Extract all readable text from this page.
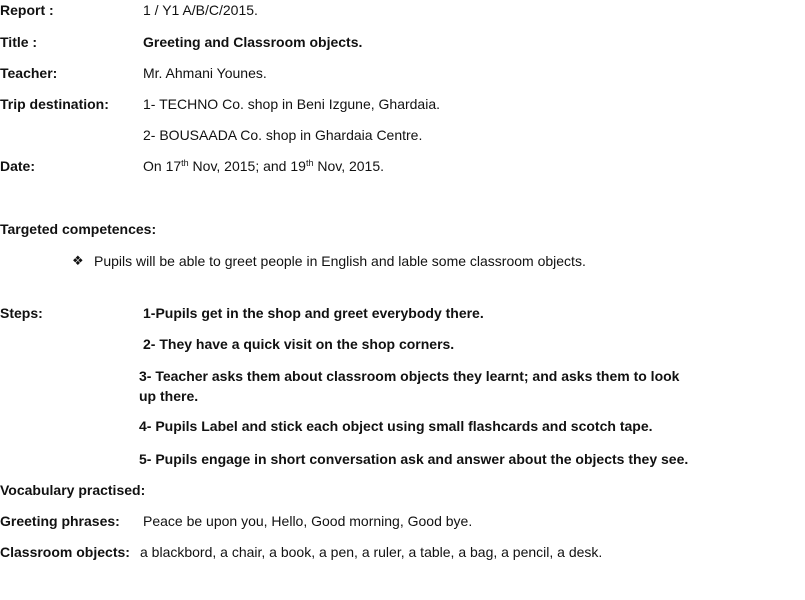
Report :	1 / Y1 A/B/C/2015.
Title :	Greeting and Classroom objects.
Teacher:	Mr. Ahmani Younes.
Trip destination: 1- TECHNO Co. shop in Beni Izgune, Ghardaia.
2- BOUSAADA Co. shop in Ghardaia Centre.
Date:	On 17th Nov, 2015; and 19th Nov, 2015.
Targeted competences:
❖ Pupils will be able to greet people in English and lable some classroom objects.
Steps:	1-Pupils get in the shop and greet everybody there.
2- They have a quick visit on the shop corners.
3- Teacher asks them about classroom objects they learnt; and asks them to look
up there.
4- Pupils Label and stick each object using small flashcards and scotch tape.
5- Pupils engage in short conversation ask and answer about the objects they see.
Vocabulary practised:
Greeting phrases: Peace be upon you, Hello, Good morning, Good bye.
Classroom objects: a blackbord, a chair, a book, a pen, a ruler, a table, a bag, a pencil, a desk.
